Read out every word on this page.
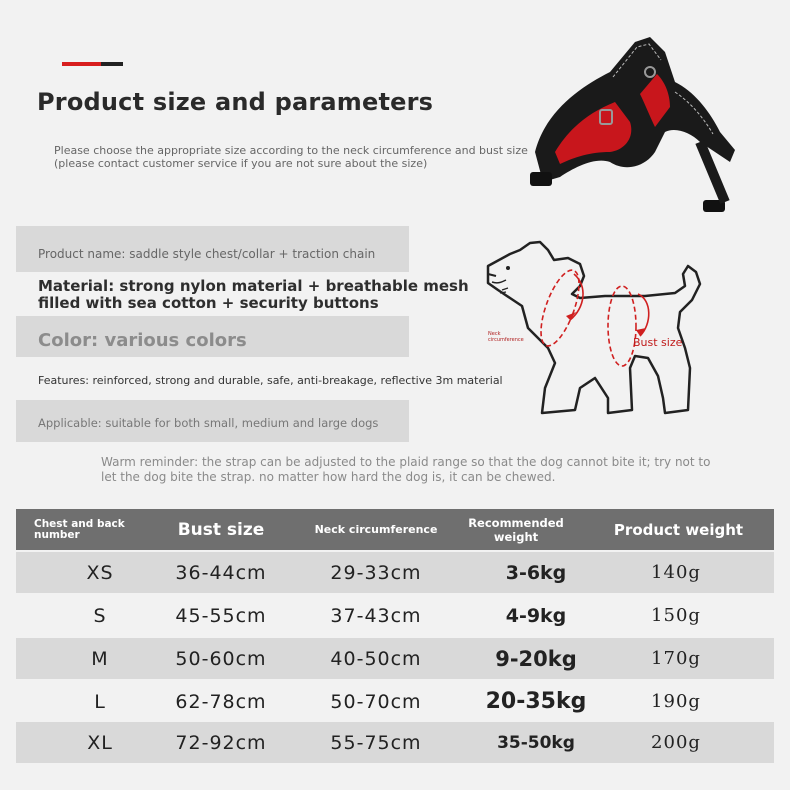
Product size and parameters
Please choose the appropriate size according to the neck circumference and bust size (please contact customer service if you are not sure about the size)
Product name: saddle style chest/collar + traction chain
Material: strong nylon material + breathable mesh filled with sea cotton + security buttons
Color: various colors
Features: reinforced, strong and durable, safe, anti-breakage, reflective 3m material
Applicable: suitable for both small, medium and large dogs
Neck circumference	Bust size
Warm reminder: the strap can be adjusted to the plaid range so that the dog cannot bite it; try not to let the dog bite the strap. no matter how hard the dog is, it can be chewed.
Chest and back number	Bust size	Neck circumference	Recommended weight	Product weight
XS	36-44cm	29-33cm	3-6kg	140g
S	45-55cm	37-43cm	4-9kg	150g
M	50-60cm	40-50cm	9-20kg	170g
L	62-78cm	50-70cm	20-35kg	190g
XL	72-92cm	55-75cm	35-50kg	200g
